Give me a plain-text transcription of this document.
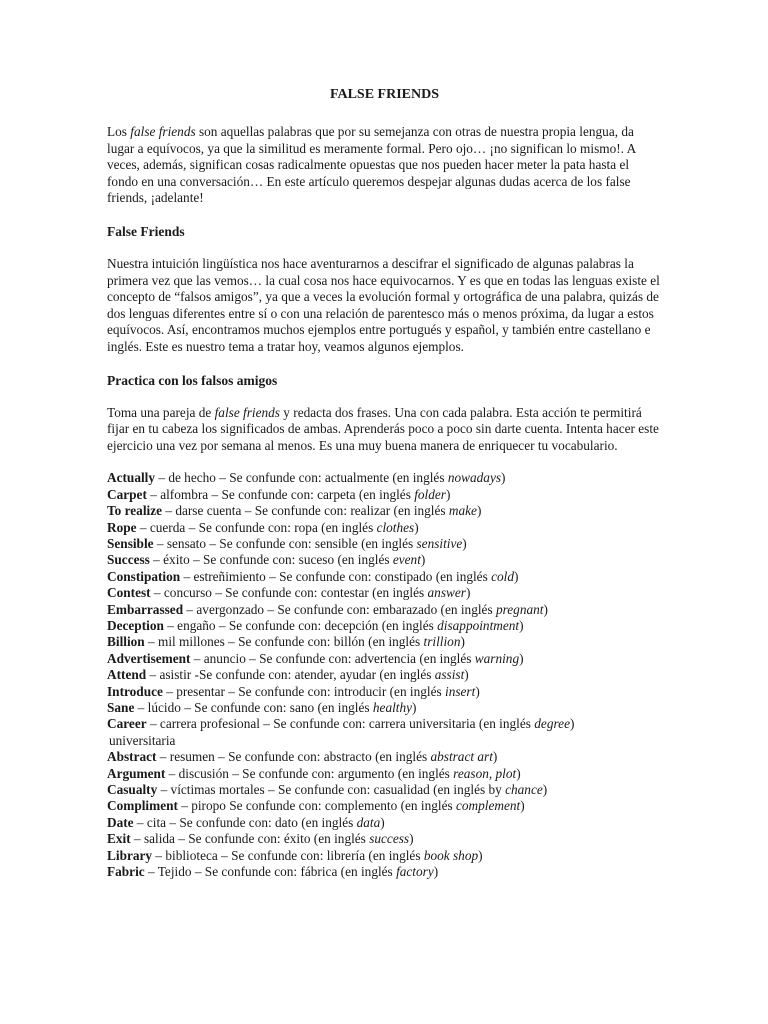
FALSE FRIENDS

Los false friends son aquellas palabras que por su semejanza con otras de nuestra propia lengua, da lugar a equívocos, ya que la similitud es meramente formal. Pero ojo… ¡no significan lo mismo!. A veces, además, significan cosas radicalmente opuestas que nos pueden hacer meter la pata hasta el fondo en una conversación… En este artículo queremos despejar algunas dudas acerca de los false friends, ¡adelante!

False Friends

Nuestra intuición lingüística nos hace aventurarnos a descifrar el significado de algunas palabras la primera vez que las vemos… la cual cosa nos hace equivocarnos. Y es que en todas las lenguas existe el concepto de “falsos amigos”, ya que a veces la evolución formal y ortográfica de una palabra, quizás de dos lenguas diferentes entre sí o con una relación de parentesco más o menos próxima, da lugar a estos equívocos. Así, encontramos muchos ejemplos entre portugués y español, y también entre castellano e inglés. Este es nuestro tema a tratar hoy, veamos algunos ejemplos.

Practica con los falsos amigos

Toma una pareja de false friends y redacta dos frases. Una con cada palabra. Esta acción te permitirá fijar en tu cabeza los significados de ambas. Aprenderás poco a poco sin darte cuenta. Intenta hacer este ejercicio una vez por semana al menos. Es una muy buena manera de enriquecer tu vocabulario.

Actually – de hecho – Se confunde con: actualmente (en inglés nowadays)
Carpet – alfombra – Se confunde con: carpeta (en inglés folder)
To realize – darse cuenta – Se confunde con: realizar (en inglés make)
Rope – cuerda – Se confunde con: ropa (en inglés clothes)
Sensible – sensato – Se confunde con: sensible (en inglés sensitive)
Success – éxito – Se confunde con: suceso (en inglés event)
Constipation – estreñimiento – Se confunde con: constipado (en inglés cold)
Contest – concurso – Se confunde con: contestar (en inglés answer)
Embarrassed – avergonzado – Se confunde con: embarazado (en inglés pregnant)
Deception – engaño – Se confunde con: decepción (en inglés disappointment)
Billion – mil millones – Se confunde con: billón (en inglés trillion)
Advertisement – anuncio – Se confunde con: advertencia (en inglés warning)
Attend – asistir -Se confunde con: atender, ayudar (en inglés assist)
Introduce – presentar – Se confunde con: introducir (en inglés insert)
Sane – lúcido – Se confunde con: sano (en inglés healthy)
Career – carrera profesional – Se confunde con: carrera universitaria (en inglés degree)
universitaria
Abstract – resumen – Se confunde con: abstracto (en inglés abstract art)
Argument – discusión – Se confunde con: argumento (en inglés reason, plot)
Casualty – víctimas mortales – Se confunde con: casualidad (en inglés by chance)
Compliment – piropo Se confunde con: complemento (en inglés complement)
Date – cita – Se confunde con: dato (en inglés data)
Exit – salida – Se confunde con: éxito (en inglés success)
Library – biblioteca – Se confunde con: librería (en inglés book shop)
Fabric – Tejido – Se confunde con: fábrica (en inglés factory)
